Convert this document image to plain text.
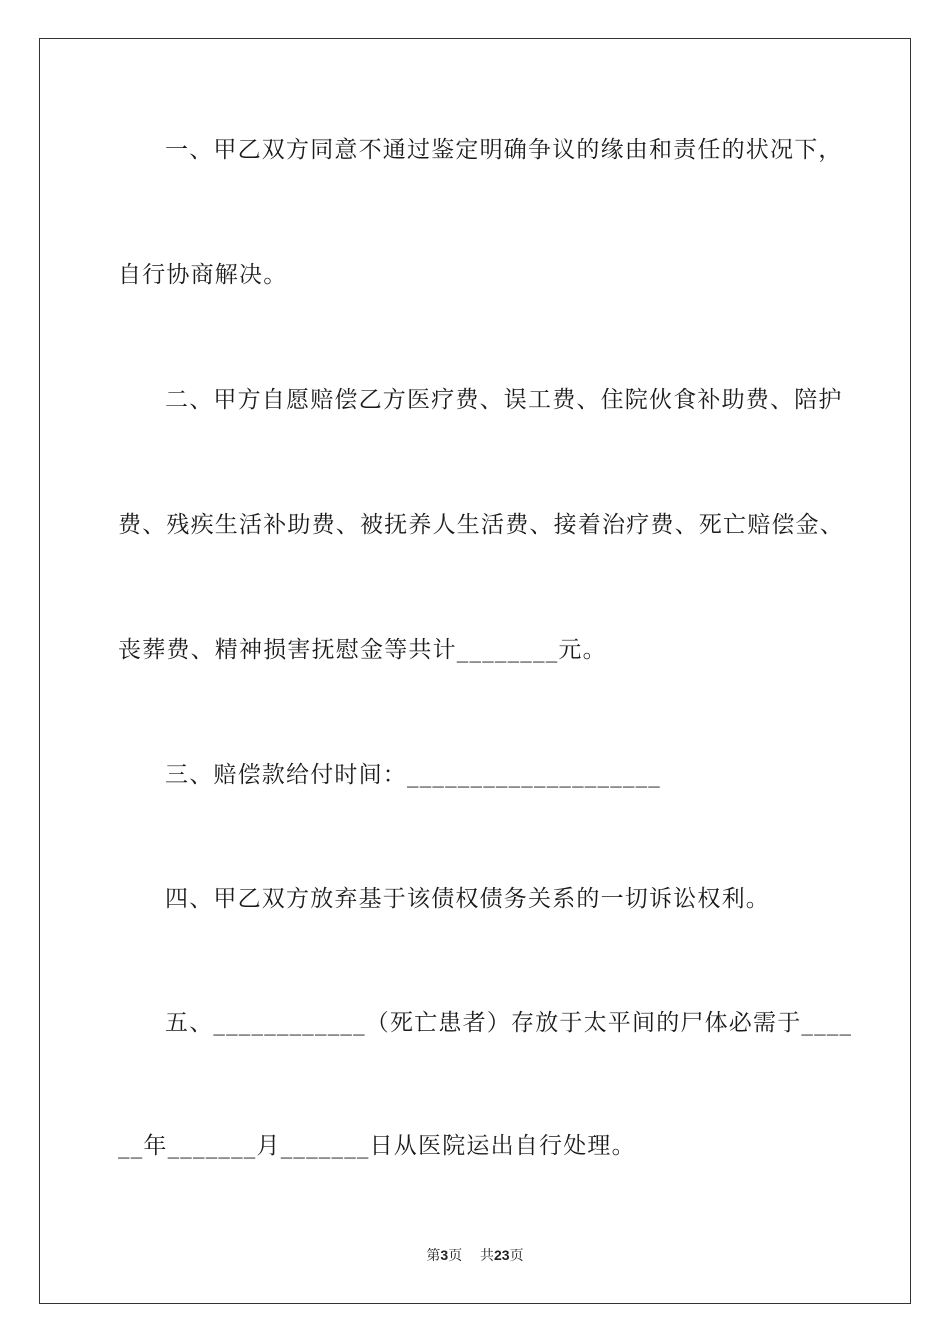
一、甲乙双方同意不通过鉴定明确争议的缘由和责任的状况下，
自行协商解决。
二、甲方自愿赔偿乙方医疗费、误工费、住院伙食补助费、陪护
费、残疾生活补助费、被抚养人生活费、接着治疗费、死亡赔偿金、
丧葬费、精神损害抚慰金等共计________元。
三、赔偿款给付时间：____________________
四、甲乙双方放弃基于该债权债务关系的一切诉讼权利。
五、____________（死亡患者）存放于太平间的尸体必需于____
__年_______月_______日从医院运出自行处理。
第3页 共23页
